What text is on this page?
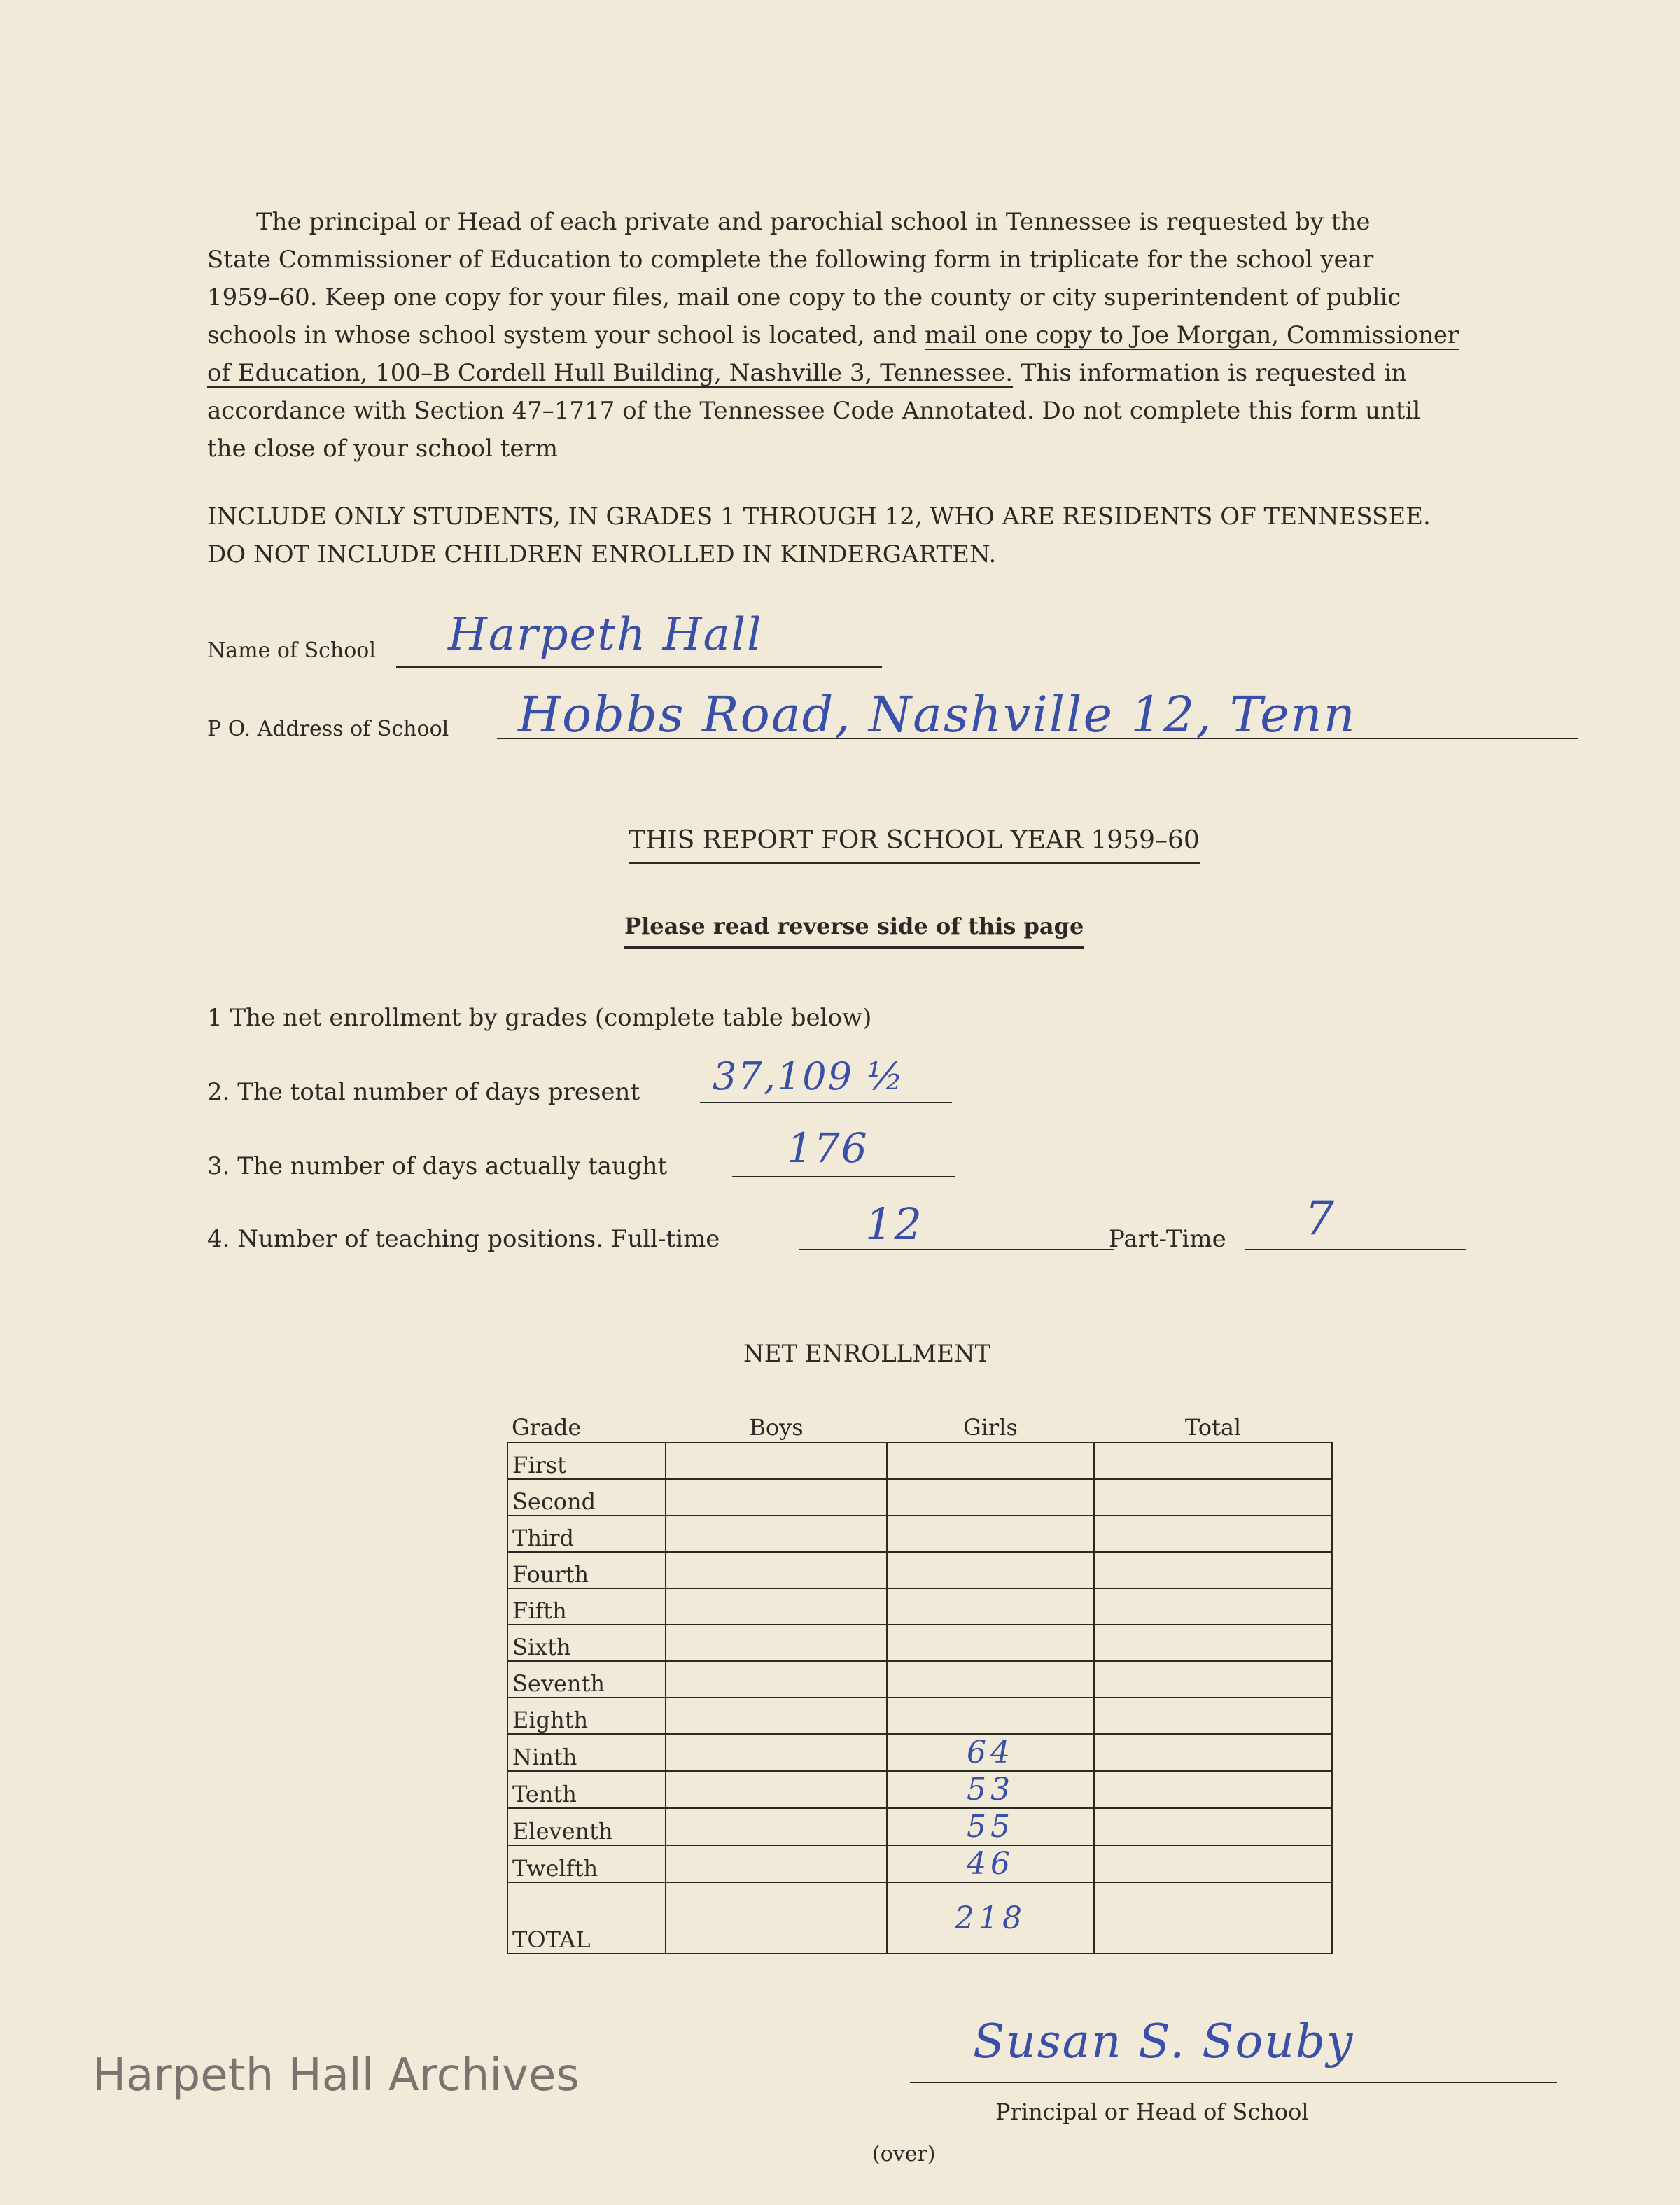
The principal or Head of each private and parochial school in Tennessee is requested by the
State Commissioner of Education to complete the following form in triplicate for the school year
1959–60. Keep one copy for your files, mail one copy to the county or city superintendent of public
schools in whose school system your school is located, and mail one copy to Joe Morgan, Commissioner
of Education, 100–B Cordell Hull Building, Nashville 3, Tennessee. This information is requested in
accordance with Section 47–1717 of the Tennessee Code Annotated. Do not complete this form until
the close of your school term
INCLUDE ONLY STUDENTS, IN GRADES 1 THROUGH 12, WHO ARE RESIDENTS OF TENNESSEE.
DO NOT INCLUDE CHILDREN ENROLLED IN KINDERGARTEN.
Name of School Harpeth Hall
P O. Address of School Hobbs Road, Nashville 12, Tenn
THIS REPORT FOR SCHOOL YEAR 1959–60
Please read reverse side of this page
1 The net enrollment by grades (complete table below)
2. The total number of days present 37,109 ½
3. The number of days actually taught	176
4. Number of teaching positions. Full-time	12	Part-Time 7
NET ENROLLMENT
Grade	Boys	Girls	Total
First			
Second			
Third			
Fourth			
Fifth			
Sixth			
Seventh			
Eighth			
Ninth		64	
Tenth		53	
Eleventh		55	
Twelfth		46	
TOTAL		218	
Harpeth Hall Archives
Susan S. Souby
Principal or Head of School
(over)
